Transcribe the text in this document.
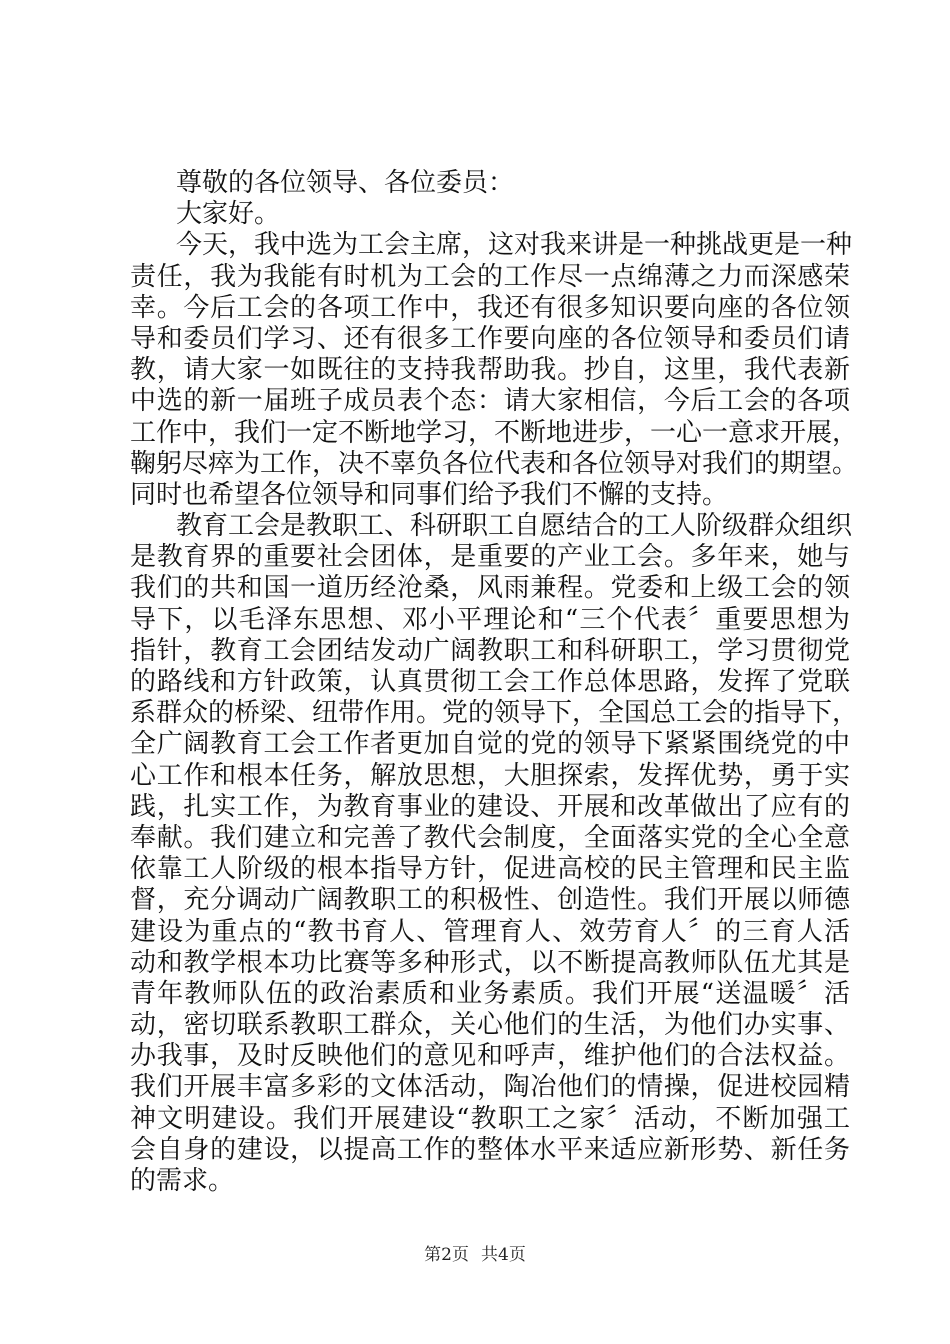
尊敬的各位领导、各位委员：
大家好。
今天，我中选为工会主席，这对我来讲是一种挑战更是一种
责任，我为我能有时机为工会的工作尽一点绵薄之力而深感荣
幸。今后工会的各项工作中，我还有很多知识要向座的各位领
导和委员们学习、还有很多工作要向座的各位领导和委员们请
教，请大家一如既往的支持我帮助我。抄自，这里，我代表新
中选的新一届班子成员表个态：请大家相信，今后工会的各项
工作中，我们一定不断地学习，不断地进步，一心一意求开展，
鞠躬尽瘁为工作，决不辜负各位代表和各位领导对我们的期望。
同时也希望各位领导和同事们给予我们不懈的支持。
教育工会是教职工、科研职工自愿结合的工人阶级群众组织
是教育界的重要社会团体，是重要的产业工会。多年来，她与
我们的共和国一道历经沧桑，风雨兼程。党委和上级工会的领
导下，以毛泽东思想、邓小平理论和“三个代表〞重要思想为
指针，教育工会团结发动广阔教职工和科研职工，学习贯彻党
的路线和方针政策，认真贯彻工会工作总体思路，发挥了党联
系群众的桥梁、纽带作用。党的领导下，全国总工会的指导下，
全广阔教育工会工作者更加自觉的党的领导下紧紧围绕党的中
心工作和根本任务，解放思想，大胆探索，发挥优势，勇于实
践，扎实工作，为教育事业的建设、开展和改革做出了应有的
奉献。我们建立和完善了教代会制度，全面落实党的全心全意
依靠工人阶级的根本指导方针，促进高校的民主管理和民主监
督，充分调动广阔教职工的积极性、创造性。我们开展以师德
建设为重点的“教书育人、管理育人、效劳育人〞的三育人活
动和教学根本功比赛等多种形式，以不断提高教师队伍尤其是
青年教师队伍的政治素质和业务素质。我们开展“送温暖〞活
动，密切联系教职工群众，关心他们的生活，为他们办实事、
办我事，及时反映他们的意见和呼声，维护他们的合法权益。
我们开展丰富多彩的文体活动，陶冶他们的情操，促进校园精
神文明建设。我们开展建设“教职工之家〞活动，不断加强工
会自身的建设，以提高工作的整体水平来适应新形势、新任务
的需求。
第2页 共4页
